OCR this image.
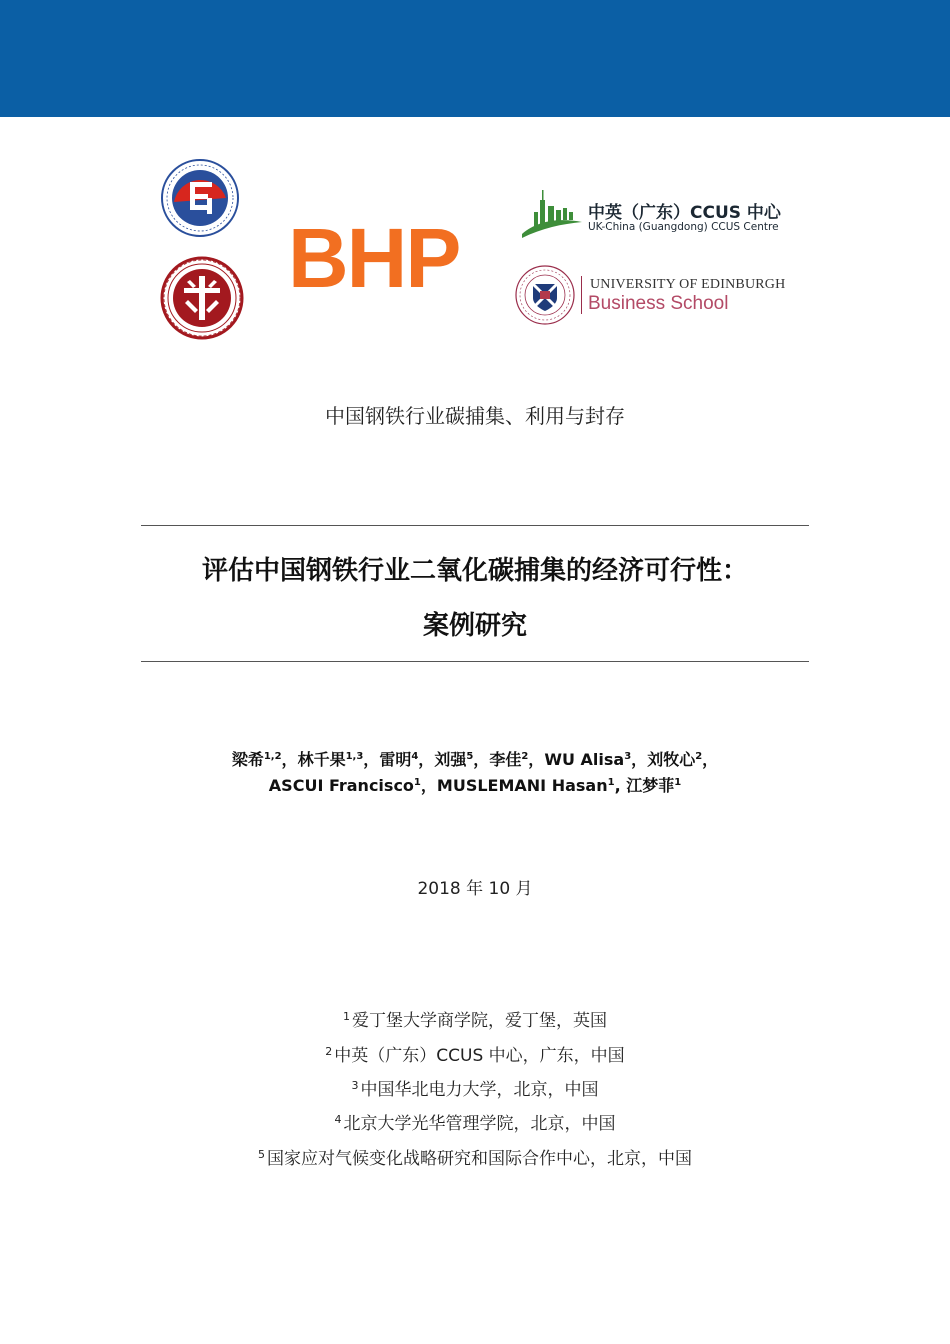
BHP	中英（广东）CCUS 中心
UK-China (Guangdong) CCUS Centre
UNIVERSITY OF EDINBURGH
Business School
中国钢铁行业碳捕集、利用与封存
评估中国钢铁行业二氧化碳捕集的经济可行性：
案例研究
梁希$^{1,2}$，林千果$^{1,3}$，雷明$^4$，刘强$^5$，李佳$^2$，WU Alisa$^3$，刘牧心$^2$，
ASCUI Francisco$^1$，MUSLEMANI Hasan$^1$, 江梦菲$^1$
2018 年 10 月
$^1$ 爱丁堡大学商学院，爱丁堡，英国
$^2$ 中英（广东）CCUS 中心，广东，中国
$^3$ 中国华北电力大学，北京，中国
$^4$ 北京大学光华管理学院，北京，中国
$^5$ 国家应对气候变化战略研究和国际合作中心，北京，中国
